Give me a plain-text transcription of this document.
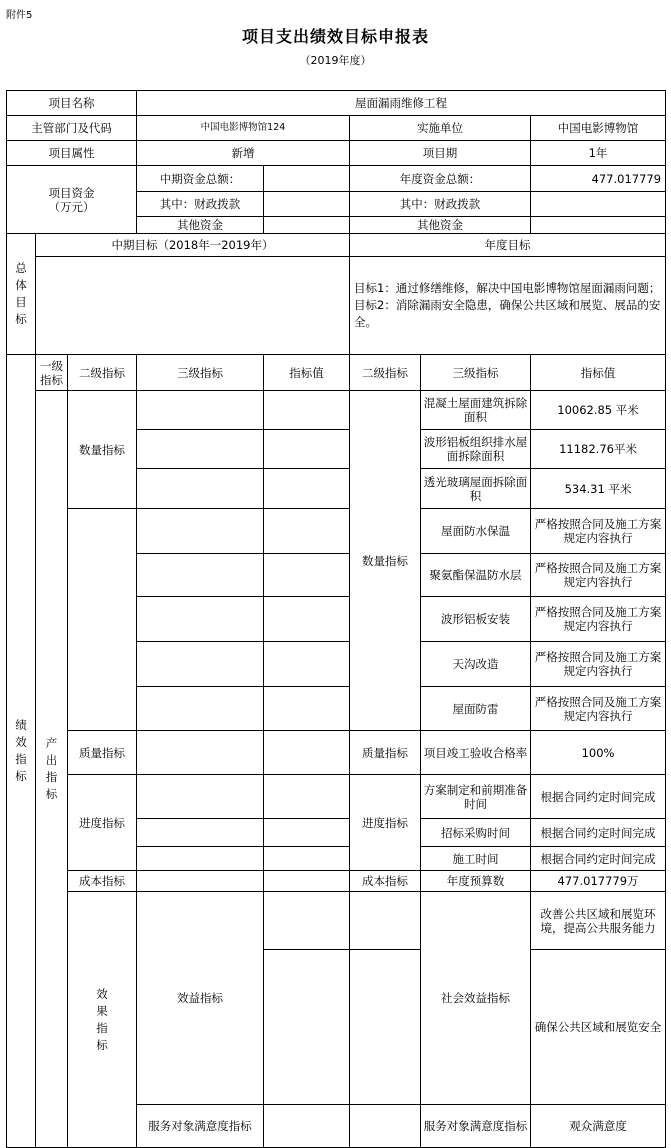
附件5
项目支出绩效目标申报表
（2019年度）
项目名称			屋面漏雨维修工程					
主管部门及代码			中国电影博物馆124		实施单位		中国电影博物馆	
项目属性			新增		项目期		1年	

项目资金
（万元）			中期资金总额：		年度资金总额：		477.017779	
			其中：财政拨款		其中：财政拨款			
			其他资金		其他资金			

总体目标	中期目标（2018年一2019年）				年度目标			

					目标1：通过修缮维修，解决中国电影博物馆屋面漏雨问题；
目标2：消除漏雨安全隐患，确保公共区域和展览、展品的安全。			

绩效指标	一级指标	二级指标	三级指标	指标值	二级指标	三级指标	指标值	

	产出指标	数量指标			数量指标	混凝土屋面建筑拆除面积	10062.85 平米	
						波形铝板组织排水屋面拆除面积	11182.76平米	
						透光玻璃屋面拆除面积	534.31 平米	
						屋面防水保温	严格按照合同及施工方案规定内容执行	
						聚氨酯保温防水层	严格按照合同及施工方案规定内容执行	
						波形铝板安装	严格按照合同及施工方案规定内容执行	
						天沟改造	严格按照合同及施工方案规定内容执行	
						屋面防雷	严格按照合同及施工方案规定内容执行	
		质量指标			质量指标	项目竣工验收合格率	100%	
		进度指标			进度指标	方案制定和前期准备时间	根据合同约定时间完成	
						招标采购时间	根据合同约定时间完成	
						施工时间	根据合同约定时间完成	
		成本指标			成本指标	年度预算数	477.017779万	

		效果指标	效益指标			社会效益指标	改善公共区域和展览环境，提高公共服务能力	
							确保公共区域和展览安全	
			服务对象满意度指标			服务对象满意度指标	观众满意度	
